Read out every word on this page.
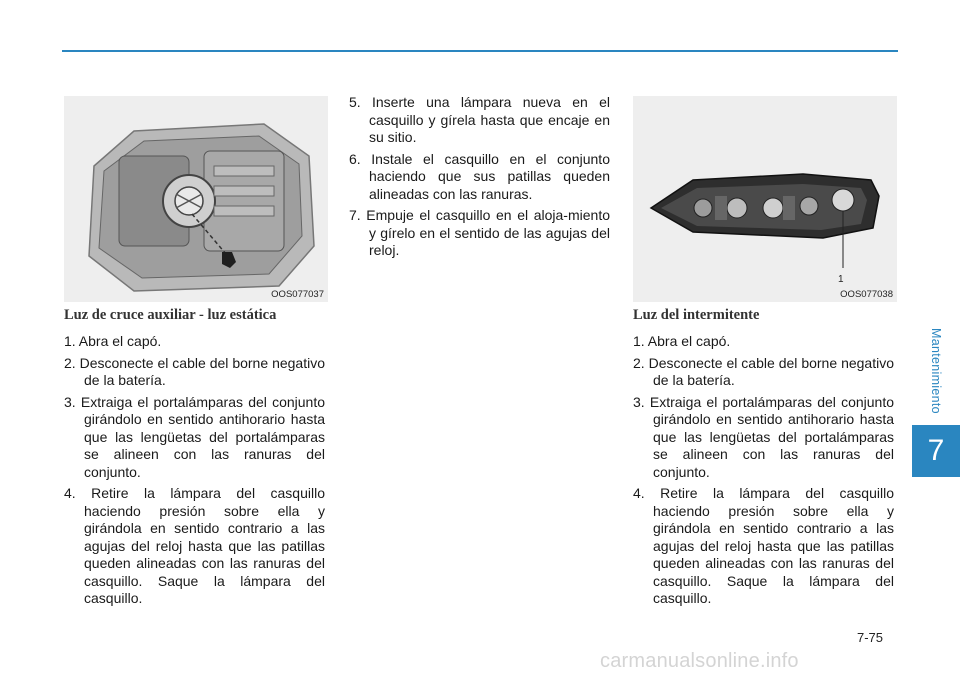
Mantenimiento
7
OOS077037
1
OOS077038
Luz de cruce auxiliar - luz estática
1. Abra el capó.
2. Desconecte el cable del borne negativo de la batería.
3. Extraiga el portalámparas del conjunto girándolo en sentido antihorario hasta que las lengüetas del portalámparas se alineen con las ranuras del conjunto.
4. Retire la lámpara del casquillo haciendo presión sobre ella y girándola en sentido contrario a las agujas del reloj hasta que las patillas queden alineadas con las ranuras del casquillo. Saque la lámpara del casquillo.
5. Inserte una lámpara nueva en el casquillo y gírela hasta que encaje en su sitio.
6. Instale el casquillo en el conjunto haciendo que sus patillas queden alineadas con las ranuras.
7. Empuje el casquillo en el aloja-miento y gírelo en el sentido de las agujas del reloj.
Luz del intermitente
1. Abra el capó.
2. Desconecte el cable del borne negativo de la batería.
3. Extraiga el portalámparas del conjunto girándolo en sentido antihorario hasta que las lengüetas del portalámparas se alineen con las ranuras del conjunto.
4. Retire la lámpara del casquillo haciendo presión sobre ella y girándola en sentido contrario a las agujas del reloj hasta que las patillas queden alineadas con las ranuras del casquillo. Saque la lámpara del casquillo.
7-75
carmanualsonline.info
